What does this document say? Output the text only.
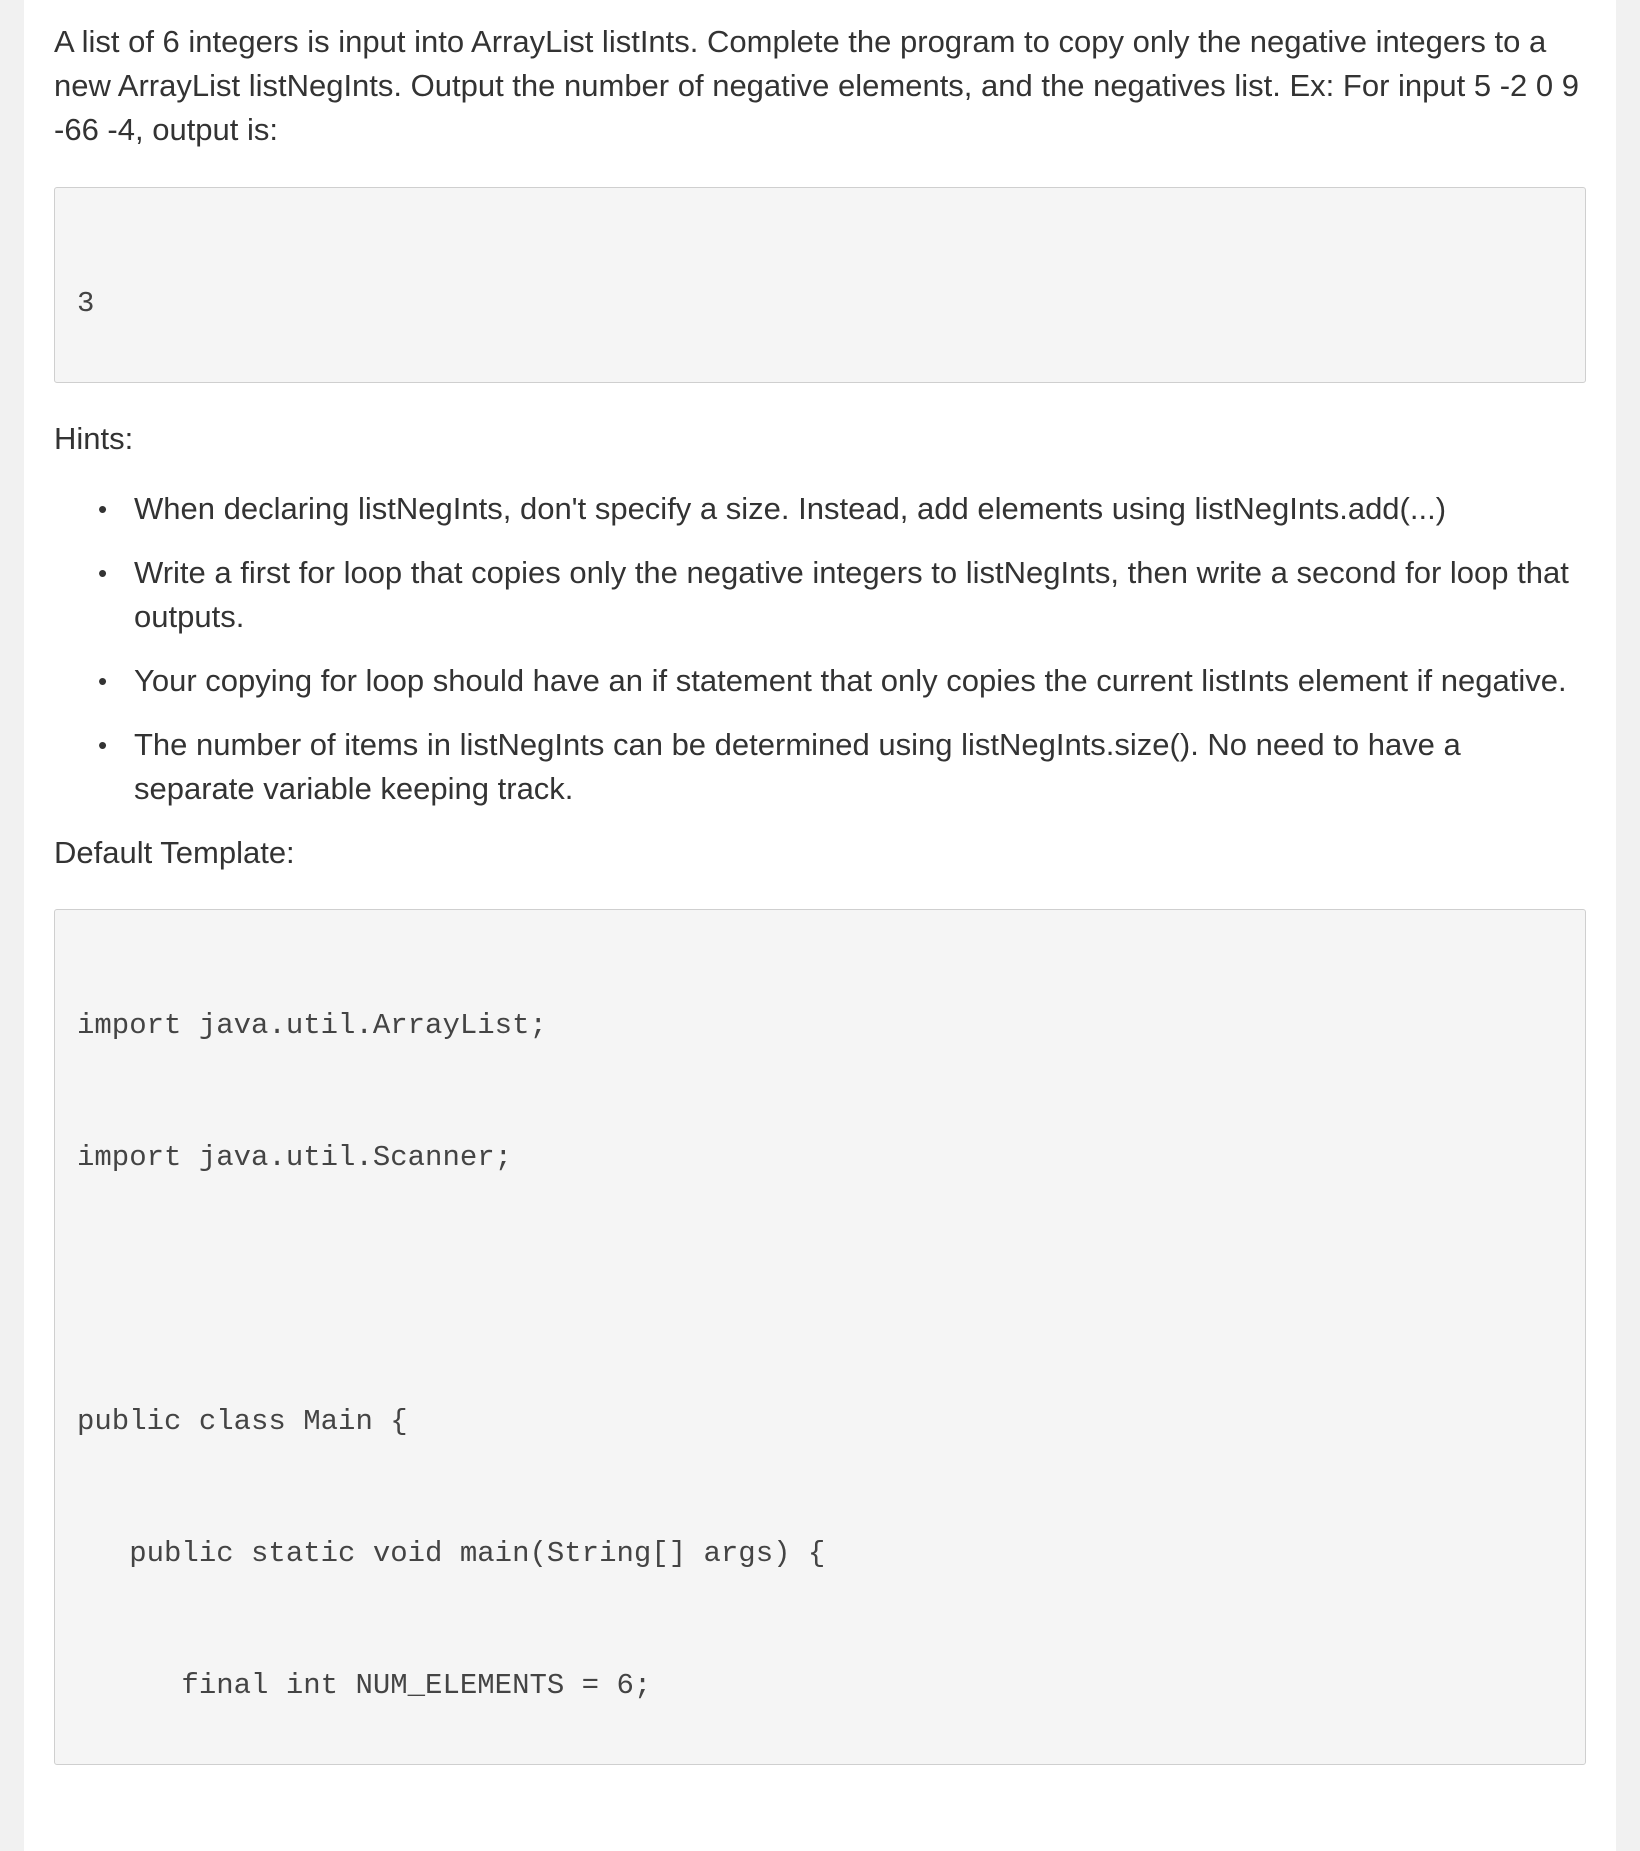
A list of 6 integers is input into ArrayList listInts. Complete the program to copy only the negative integers to a new ArrayList listNegInts. Output the number of negative elements, and the negatives list. Ex: For input 5 -2 0 9 -66 -4, output is:

3

Hints:

• When declaring listNegInts, don't specify a size. Instead, add elements using listNegInts.add(...)
• Write a first for loop that copies only the negative integers to listNegInts, then write a second for loop that outputs.
• Your copying for loop should have an if statement that only copies the current listInts element if negative.
• The number of items in listNegInts can be determined using listNegInts.size(). No need to have a separate variable keeping track.

Default Template:

import java.util.ArrayList;

import java.util.Scanner;

public class Main {

public static void main(String[] args) {

final int NUM_ELEMENTS = 6;
